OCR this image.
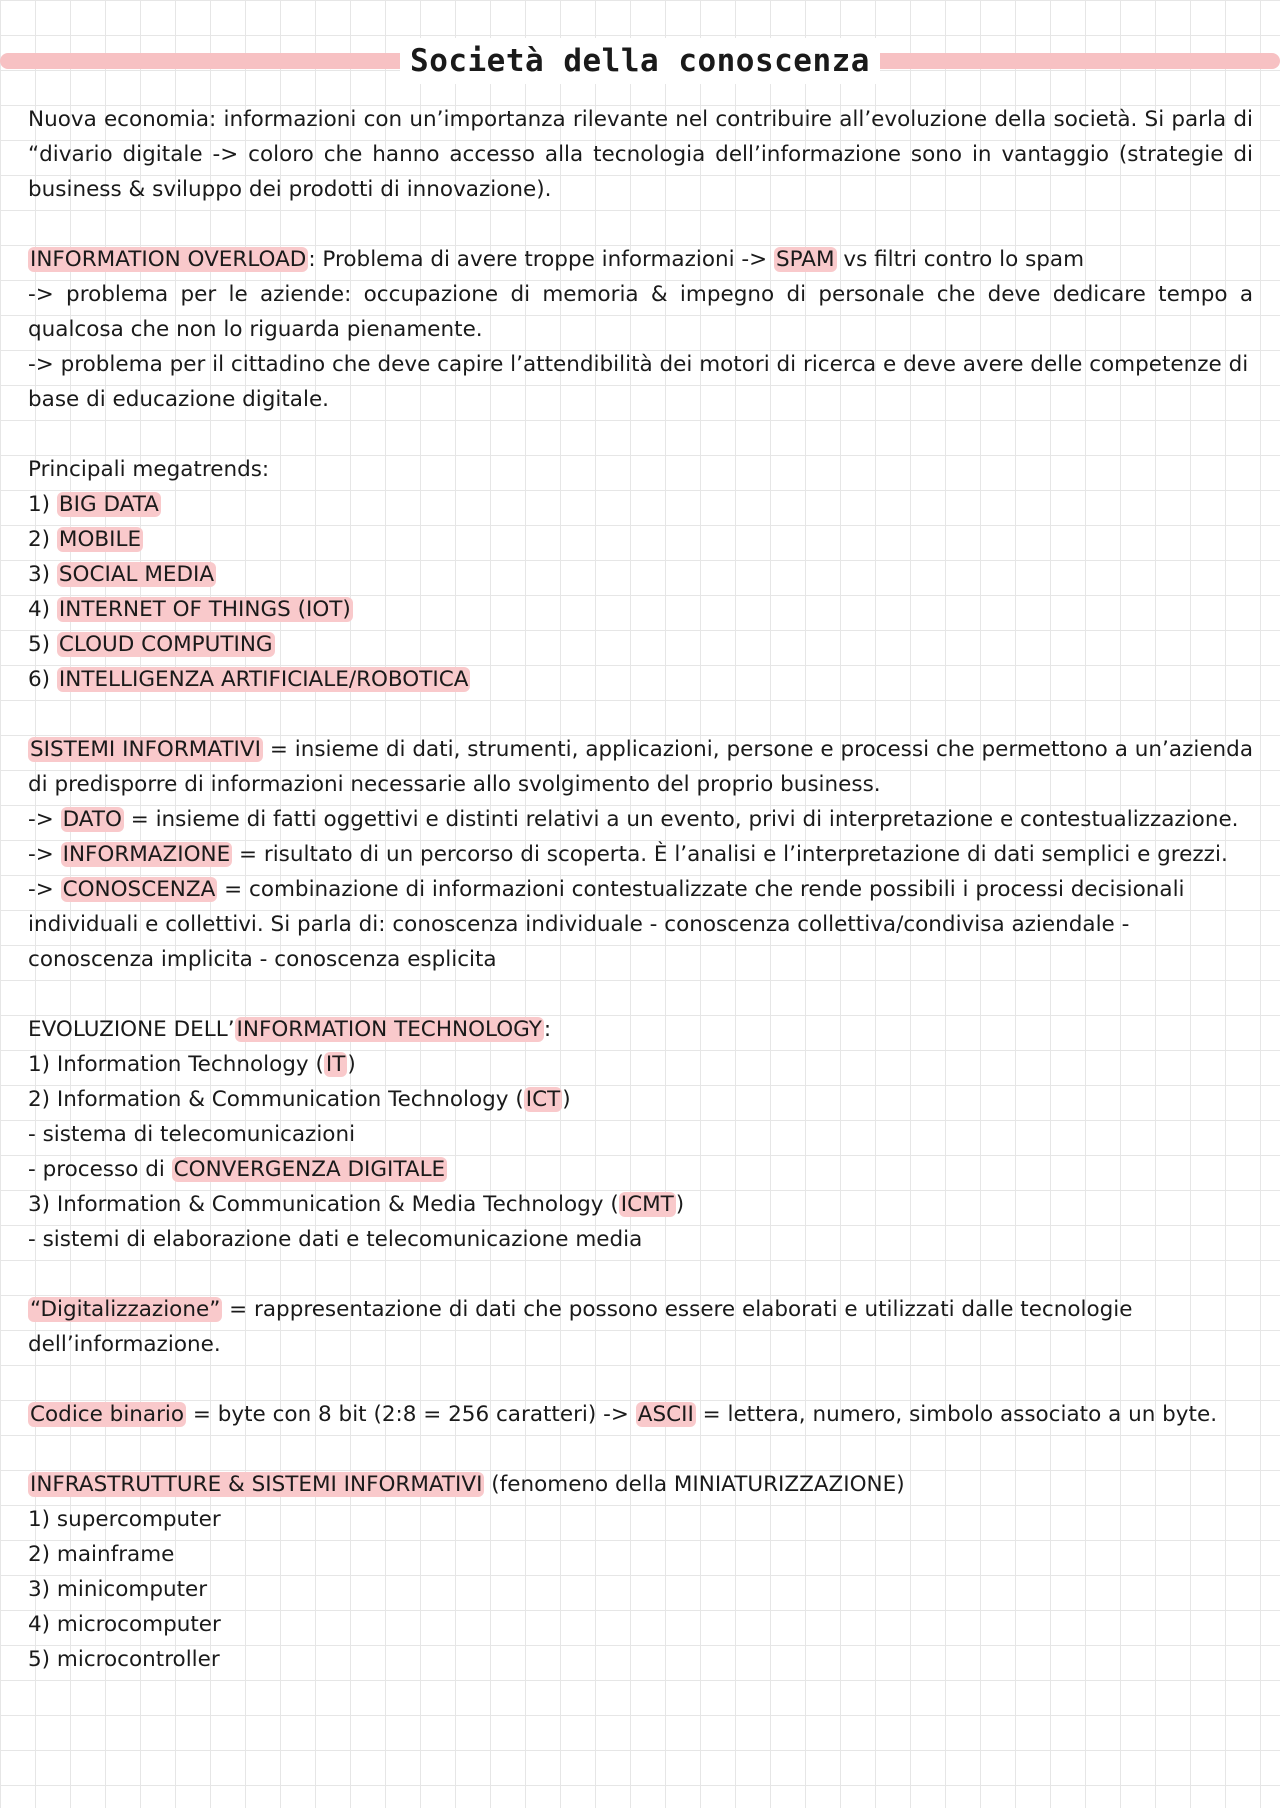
Società della conoscenza

Nuova economia: informazioni con un’importanza rilevante nel contribuire all’evoluzione della società. Si parla di “divario digitale -> coloro che hanno accesso alla tecnologia dell’informazione sono in vantaggio (strategie di business & sviluppo dei prodotti di innovazione).

INFORMATION OVERLOAD: Problema di avere troppe informazioni -> SPAM vs filtri contro lo spam

-> problema per le aziende: occupazione di memoria & impegno di personale che deve dedicare tempo a qualcosa che non lo riguarda pienamente.

-> problema per il cittadino che deve capire l’attendibilità dei motori di ricerca e deve avere delle competenze di base di educazione digitale.

Principali megatrends:

1) BIG DATA

2) MOBILE

3) SOCIAL MEDIA

4) INTERNET OF THINGS (IOT)

5) CLOUD COMPUTING

6) INTELLIGENZA ARTIFICIALE/ROBOTICA

SISTEMI INFORMATIVI = insieme di dati, strumenti, applicazioni, persone e processi che permettono a un’azienda di predisporre di informazioni necessarie allo svolgimento del proprio business.

-> DATO = insieme di fatti oggettivi e distinti relativi a un evento, privi di interpretazione e contestualizzazione.

-> INFORMAZIONE = risultato di un percorso di scoperta. È l’analisi e l’interpretazione di dati semplici e grezzi.

-> CONOSCENZA = combinazione di informazioni contestualizzate che rende possibili i processi decisionali individuali e collettivi. Si parla di: conoscenza individuale - conoscenza collettiva/condivisa aziendale - conoscenza implicita - conoscenza esplicita

EVOLUZIONE DELL’INFORMATION TECHNOLOGY:

1) Information Technology (IT)

2) Information & Communication Technology (ICT)

- sistema di telecomunicazioni

- processo di CONVERGENZA DIGITALE

3) Information & Communication & Media Technology (ICMT)

- sistemi di elaborazione dati e telecomunicazione media

“Digitalizzazione” = rappresentazione di dati che possono essere elaborati e utilizzati dalle tecnologie dell’informazione.

Codice binario = byte con 8 bit (2:8 = 256 caratteri) -> ASCII = lettera, numero, simbolo associato a un byte.

INFRASTRUTTURE & SISTEMI INFORMATIVI (fenomeno della MINIATURIZZAZIONE)

1) supercomputer

2) mainframe

3) minicomputer

4) microcomputer

5) microcontroller
